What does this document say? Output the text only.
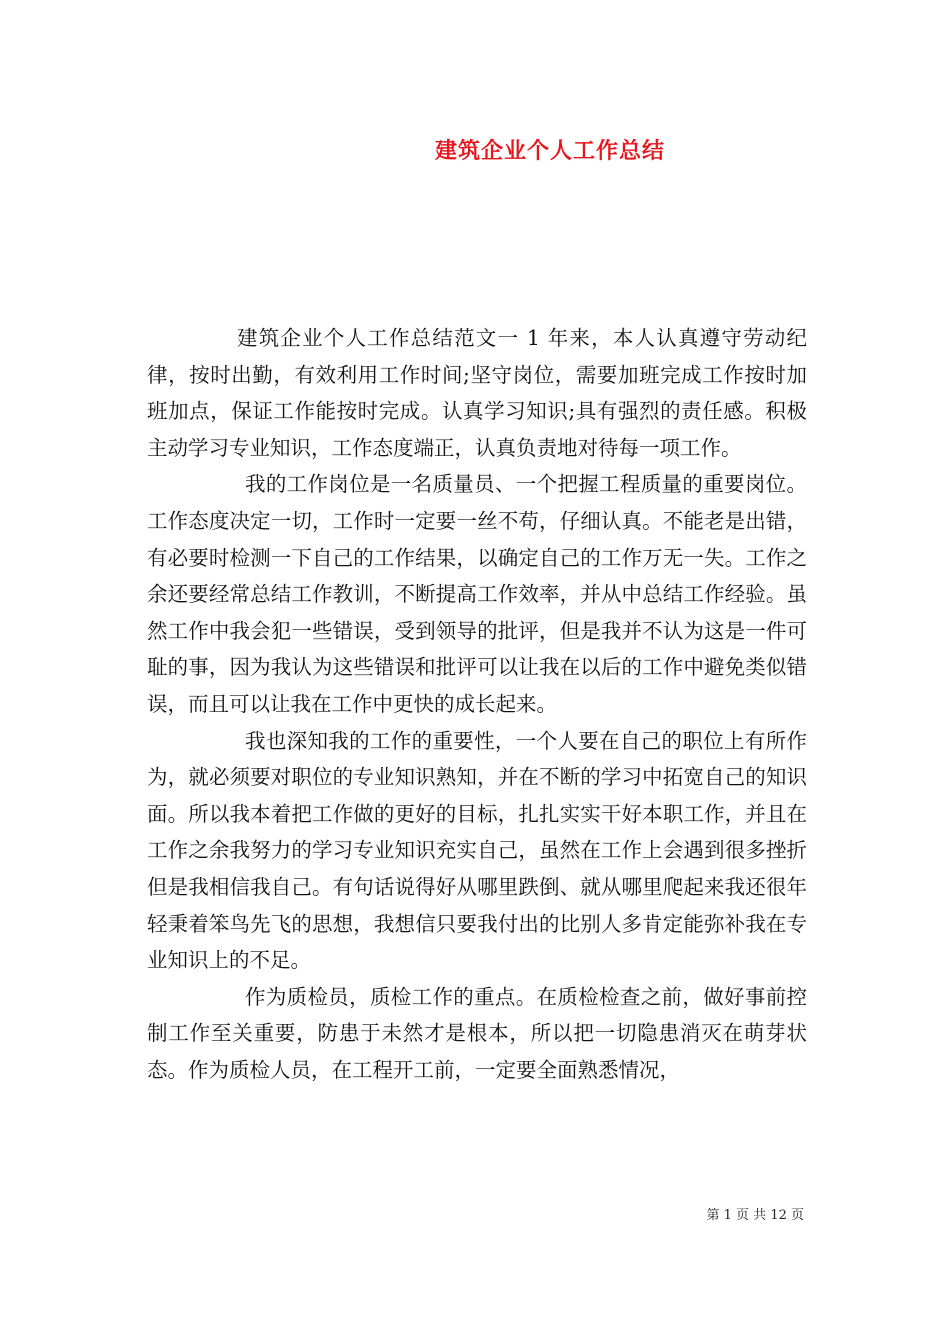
建筑企业个人工作总结

建筑企业个人工作总结范文一 1 年来，本人认真遵守劳动纪律，按时出勤，有效利用工作时间;坚守岗位，需要加班完成工作按时加班加点，保证工作能按时完成。认真学习知识;具有强烈的责任感。积极主动学习专业知识，工作态度端正，认真负责地对待每一项工作。

我的工作岗位是一名质量员、一个把握工程质量的重要岗位。工作态度决定一切，工作时一定要一丝不苟，仔细认真。不能老是出错，有必要时检测一下自己的工作结果，以确定自己的工作万无一失。工作之余还要经常总结工作教训，不断提高工作效率，并从中总结工作经验。虽然工作中我会犯一些错误，受到领导的批评，但是我并不认为这是一件可耻的事，因为我认为这些错误和批评可以让我在以后的工作中避免类似错误，而且可以让我在工作中更快的成长起来。

我也深知我的工作的重要性，一个人要在自己的职位上有所作为，就必须要对职位的专业知识熟知，并在不断的学习中拓宽自己的知识面。所以我本着把工作做的更好的目标，扎扎实实干好本职工作，并且在工作之余我努力的学习专业知识充实自己，虽然在工作上会遇到很多挫折但是我相信我自己。有句话说得好从哪里跌倒、就从哪里爬起来我还很年轻秉着笨鸟先飞的思想，我想信只要我付出的比别人多肯定能弥补我在专业知识上的不足。

作为质检员，质检工作的重点。在质检检查之前，做好事前控制工作至关重要，防患于未然才是根本，所以把一切隐患消灭在萌芽状态。作为质检人员，在工程开工前，一定要全面熟悉情况，

第 1 页 共 12 页
